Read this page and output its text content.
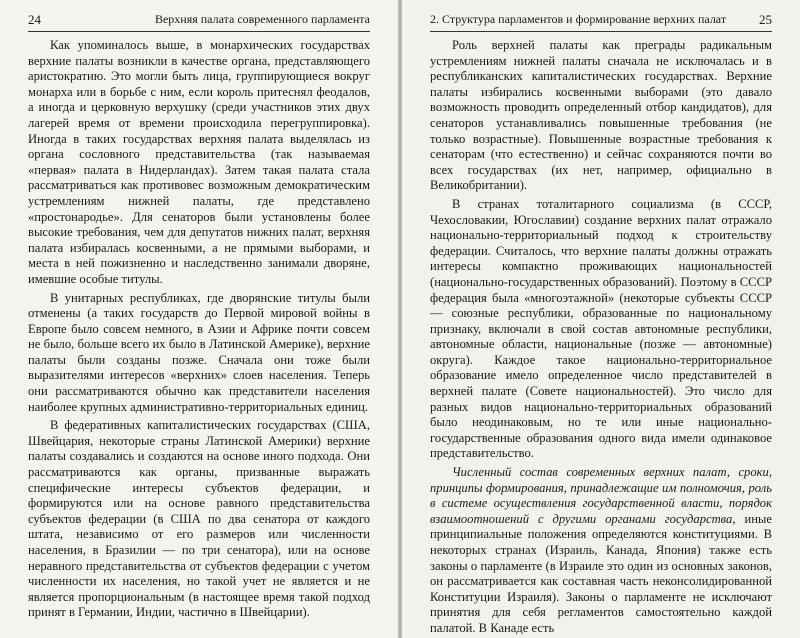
24	Верхняя палата современного парламента

Как упоминалось выше, в монархических государствах верхние палаты возникли в качестве органа, представляющего аристократию. Это могли быть лица, группирующиеся вокруг монарха или в борьбе с ним, если король притеснял феодалов, а иногда и церковную верхушку (среди участников этих двух лагерей время от времени происходила перегруппировка). Иногда в таких государствах верхняя палата выделялась из органа сословного представительства (так называемая «первая» палата в Нидерландах). Затем такая палата стала рассматриваться как противовес возможным демократическим устремлениям нижней палаты, где представлено «простонародье». Для сенаторов были установлены более высокие требования, чем для депутатов нижних палат, верхняя палата избиралась косвенными, а не прямыми выборами, и места в ней пожизненно и наследственно занимали дворяне, имевшие особые титулы.

В унитарных республиках, где дворянские титулы были отменены (а таких государств до Первой мировой войны в Европе было совсем немного, в Азии и Африке почти совсем не было, больше всего их было в Латинской Америке), верхние палаты были созданы позже. Сначала они тоже были выразителями интересов «верхних» слоев населения. Теперь они рассматриваются обычно как представители населения наиболее крупных административно-территориальных единиц.

В федеративных капиталистических государствах (США, Швейцария, некоторые страны Латинской Америки) верхние палаты создавались и создаются на основе иного подхода. Они рассматриваются как органы, призванные выражать специфические интересы субъектов федерации, и формируются или на основе равного представительства субъектов федерации (в США по два сенатора от каждого штата, независимо от его размеров или численности населения, в Бразилии — по три сенатора), или на основе неравного представительства от субъектов федерации с учетом численности их населения, но такой учет не является и не является пропорциональным (в настоящее время такой подход принят в Германии, Индии, частично в Швейцарии).

2. Структура парламентов и формирование верхних палат	25

Роль верхней палаты как преграды радикальным устремлениям нижней палаты сначала не исключалась и в республиканских капиталистических государствах. Верхние палаты избирались косвенными выборами (это давало возможность проводить определенный отбор кандидатов), для сенаторов устанавливались повышенные требования (не только возрастные). Повышенные возрастные требования к сенаторам (что естественно) и сейчас сохраняются почти во всех государствах (их нет, например, официально в Великобритании).

В странах тоталитарного социализма (в СССР, Чехословакии, Югославии) создание верхних палат отражало национально-территориальный подход к строительству федерации. Считалось, что верхние палаты должны отражать интересы компактно проживающих национальностей (национально-государственных образований). Поэтому в СССР федерация была «многоэтажной» (некоторые субъекты СССР — союзные республики, образованные по национальному признаку, включали в свой состав автономные республики, автономные области, национальные (позже — автономные) округа). Каждое такое национально-территориальное образование имело определенное число представителей в верхней палате (Совете национальностей). Это число для разных видов национально-территориальных образований было неодинаковым, но те или иные национально-государственные образования одного вида имели одинаковое представительство.

Численный состав современных верхних палат, сроки, принципы формирования, принадлежащие им полномочия, роль в системе осуществления государственной власти, порядок взаимоотношений с другими органами государства, иные принципиальные положения определяются конституциями. В некоторых странах (Израиль, Канада, Япония) также есть законы о парламенте (в Израиле это один из основных законов, он рассматривается как составная часть неконсолидированной Конституции Израиля). Законы о парламенте не исключают принятия для себя регламентов самостоятельно каждой палатой. В Канаде есть
